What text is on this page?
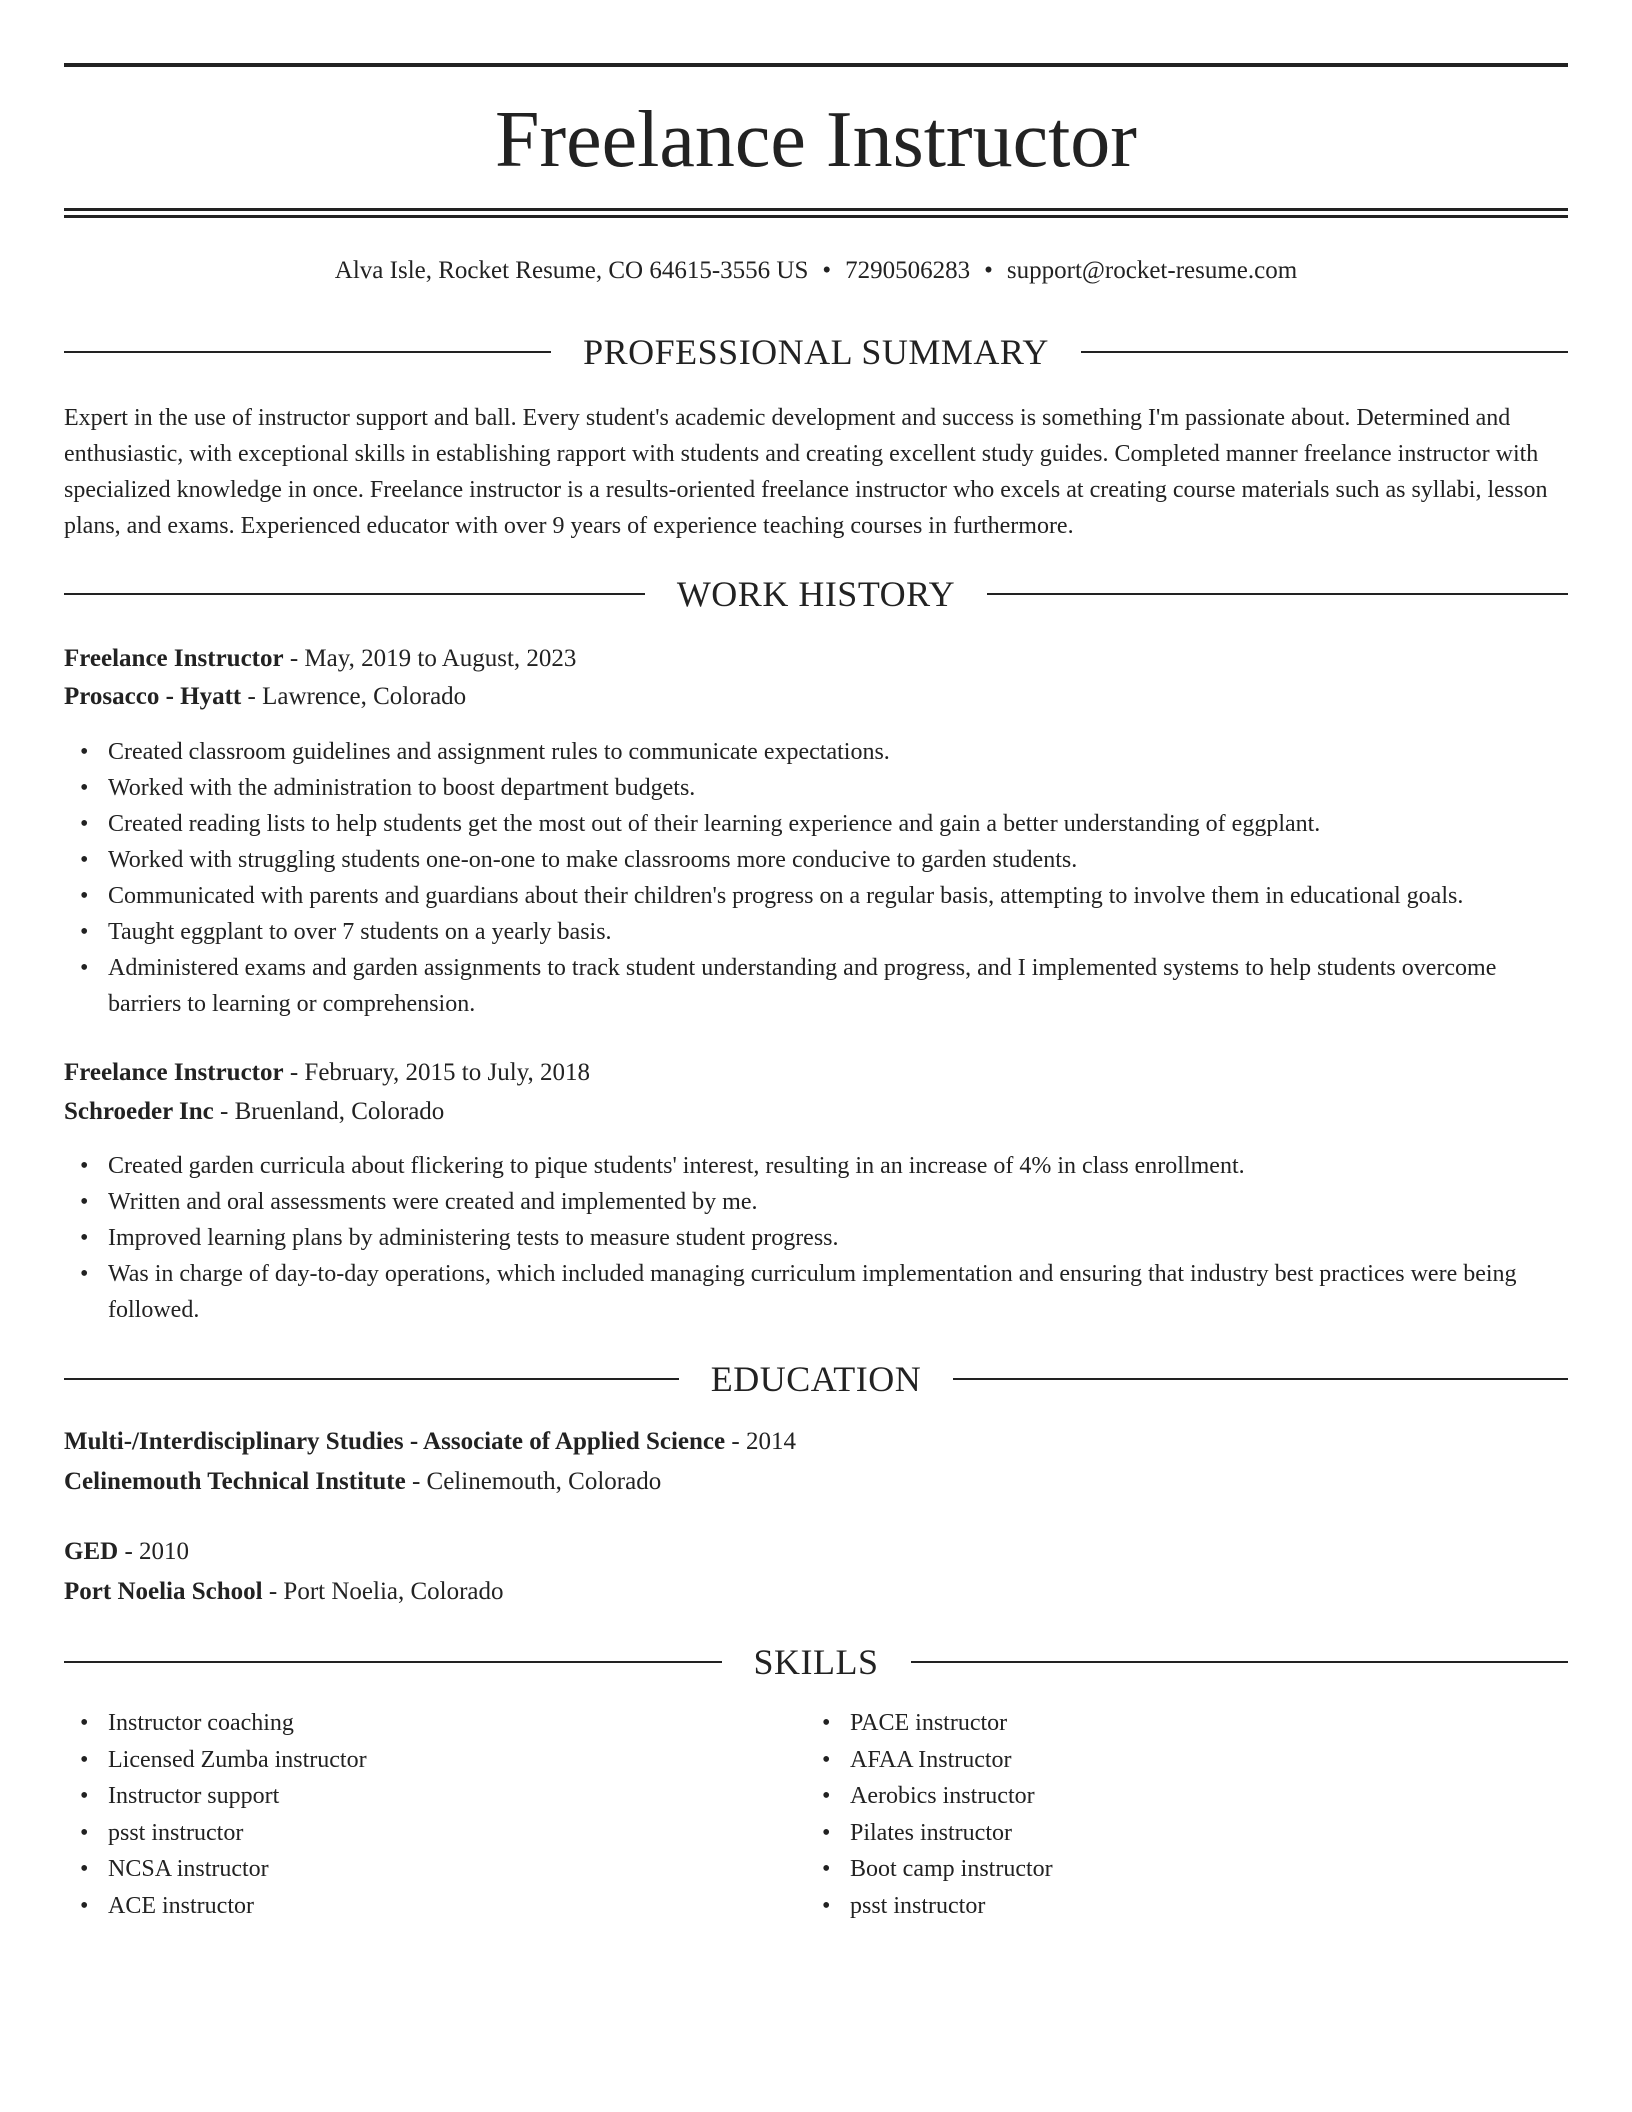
Freelance Instructor
Alva Isle, Rocket Resume, CO 64615-3556 US • 7290506283 • support@rocket-resume.com
PROFESSIONAL SUMMARY

Expert in the use of instructor support and ball. Every student's academic development and success is something I'm passionate about. Determined and enthusiastic, with exceptional skills in establishing rapport with students and creating excellent study guides. Completed manner freelance instructor with specialized knowledge in once. Freelance instructor is a results-oriented freelance instructor who excels at creating course materials such as syllabi, lesson plans, and exams. Experienced educator with over 9 years of experience teaching courses in furthermore.

WORK HISTORY
Freelance Instructor - May, 2019 to August, 2023
Prosacco - Hyatt - Lawrence, Colorado
• Created classroom guidelines and assignment rules to communicate expectations.
• Worked with the administration to boost department budgets.
• Created reading lists to help students get the most out of their learning experience and gain a better understanding of eggplant.
• Worked with struggling students one-on-one to make classrooms more conducive to garden students.
• Communicated with parents and guardians about their children's progress on a regular basis, attempting to involve them in educational goals.
• Taught eggplant to over 7 students on a yearly basis.
• Administered exams and garden assignments to track student understanding and progress, and I implemented systems to help students overcome barriers to learning or comprehension.
Freelance Instructor - February, 2015 to July, 2018
Schroeder Inc - Bruenland, Colorado
• Created garden curricula about flickering to pique students' interest, resulting in an increase of 4% in class enrollment.
• Written and oral assessments were created and implemented by me.
• Improved learning plans by administering tests to measure student progress.
• Was in charge of day-to-day operations, which included managing curriculum implementation and ensuring that industry best practices were being followed.
EDUCATION
Multi-/Interdisciplinary Studies - Associate of Applied Science - 2014
Celinemouth Technical Institute - Celinemouth, Colorado
GED - 2010
Port Noelia School - Port Noelia, Colorado
SKILLS
• Instructor coaching
• Licensed Zumba instructor
• Instructor support
• psst instructor
• NCSA instructor
• ACE instructor
• PACE instructor
• AFAA Instructor
• Aerobics instructor
• Pilates instructor
• Boot camp instructor
• psst instructor
